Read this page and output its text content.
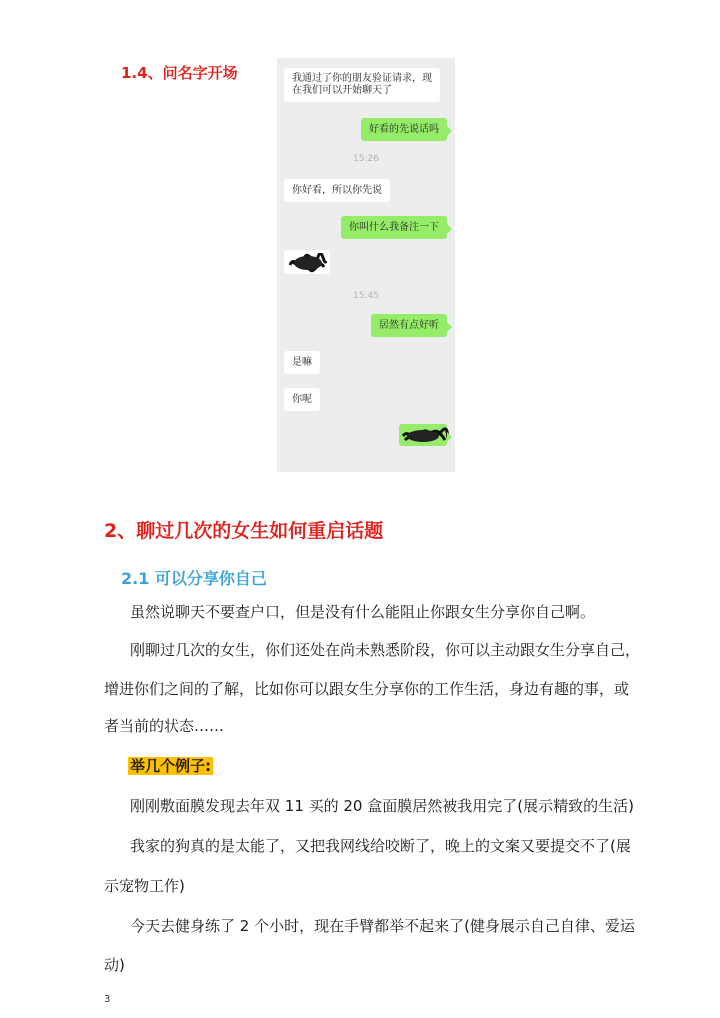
1.4、问名字开场	我通过了你的朋友验证请求，现
在我们可以开始聊天了
好看的先说话吗
15:26
你好看，所以你先说
你叫什么我备注一下
15:45
居然有点好听
是嘛
你呢
2、聊过几次的女生如何重启话题
2.1 可以分享你自己
虽然说聊天不要查户口，但是没有什么能阻止你跟女生分享你自己啊。
刚聊过几次的女生，你们还处在尚未熟悉阶段，你可以主动跟女生分享自己，
增进你们之间的了解，比如你可以跟女生分享你的工作生活，身边有趣的事，或
者当前的状态……
举几个例子:
刚刚敷面膜发现去年双 11 买的 20 盒面膜居然被我用完了(展示精致的生活)
我家的狗真的是太能了，又把我网线给咬断了，晚上的文案又要提交不了(展
示宠物工作)
今天去健身练了 2 个小时，现在手臂都举不起来了(健身展示自己自律、爱运
动)
3
